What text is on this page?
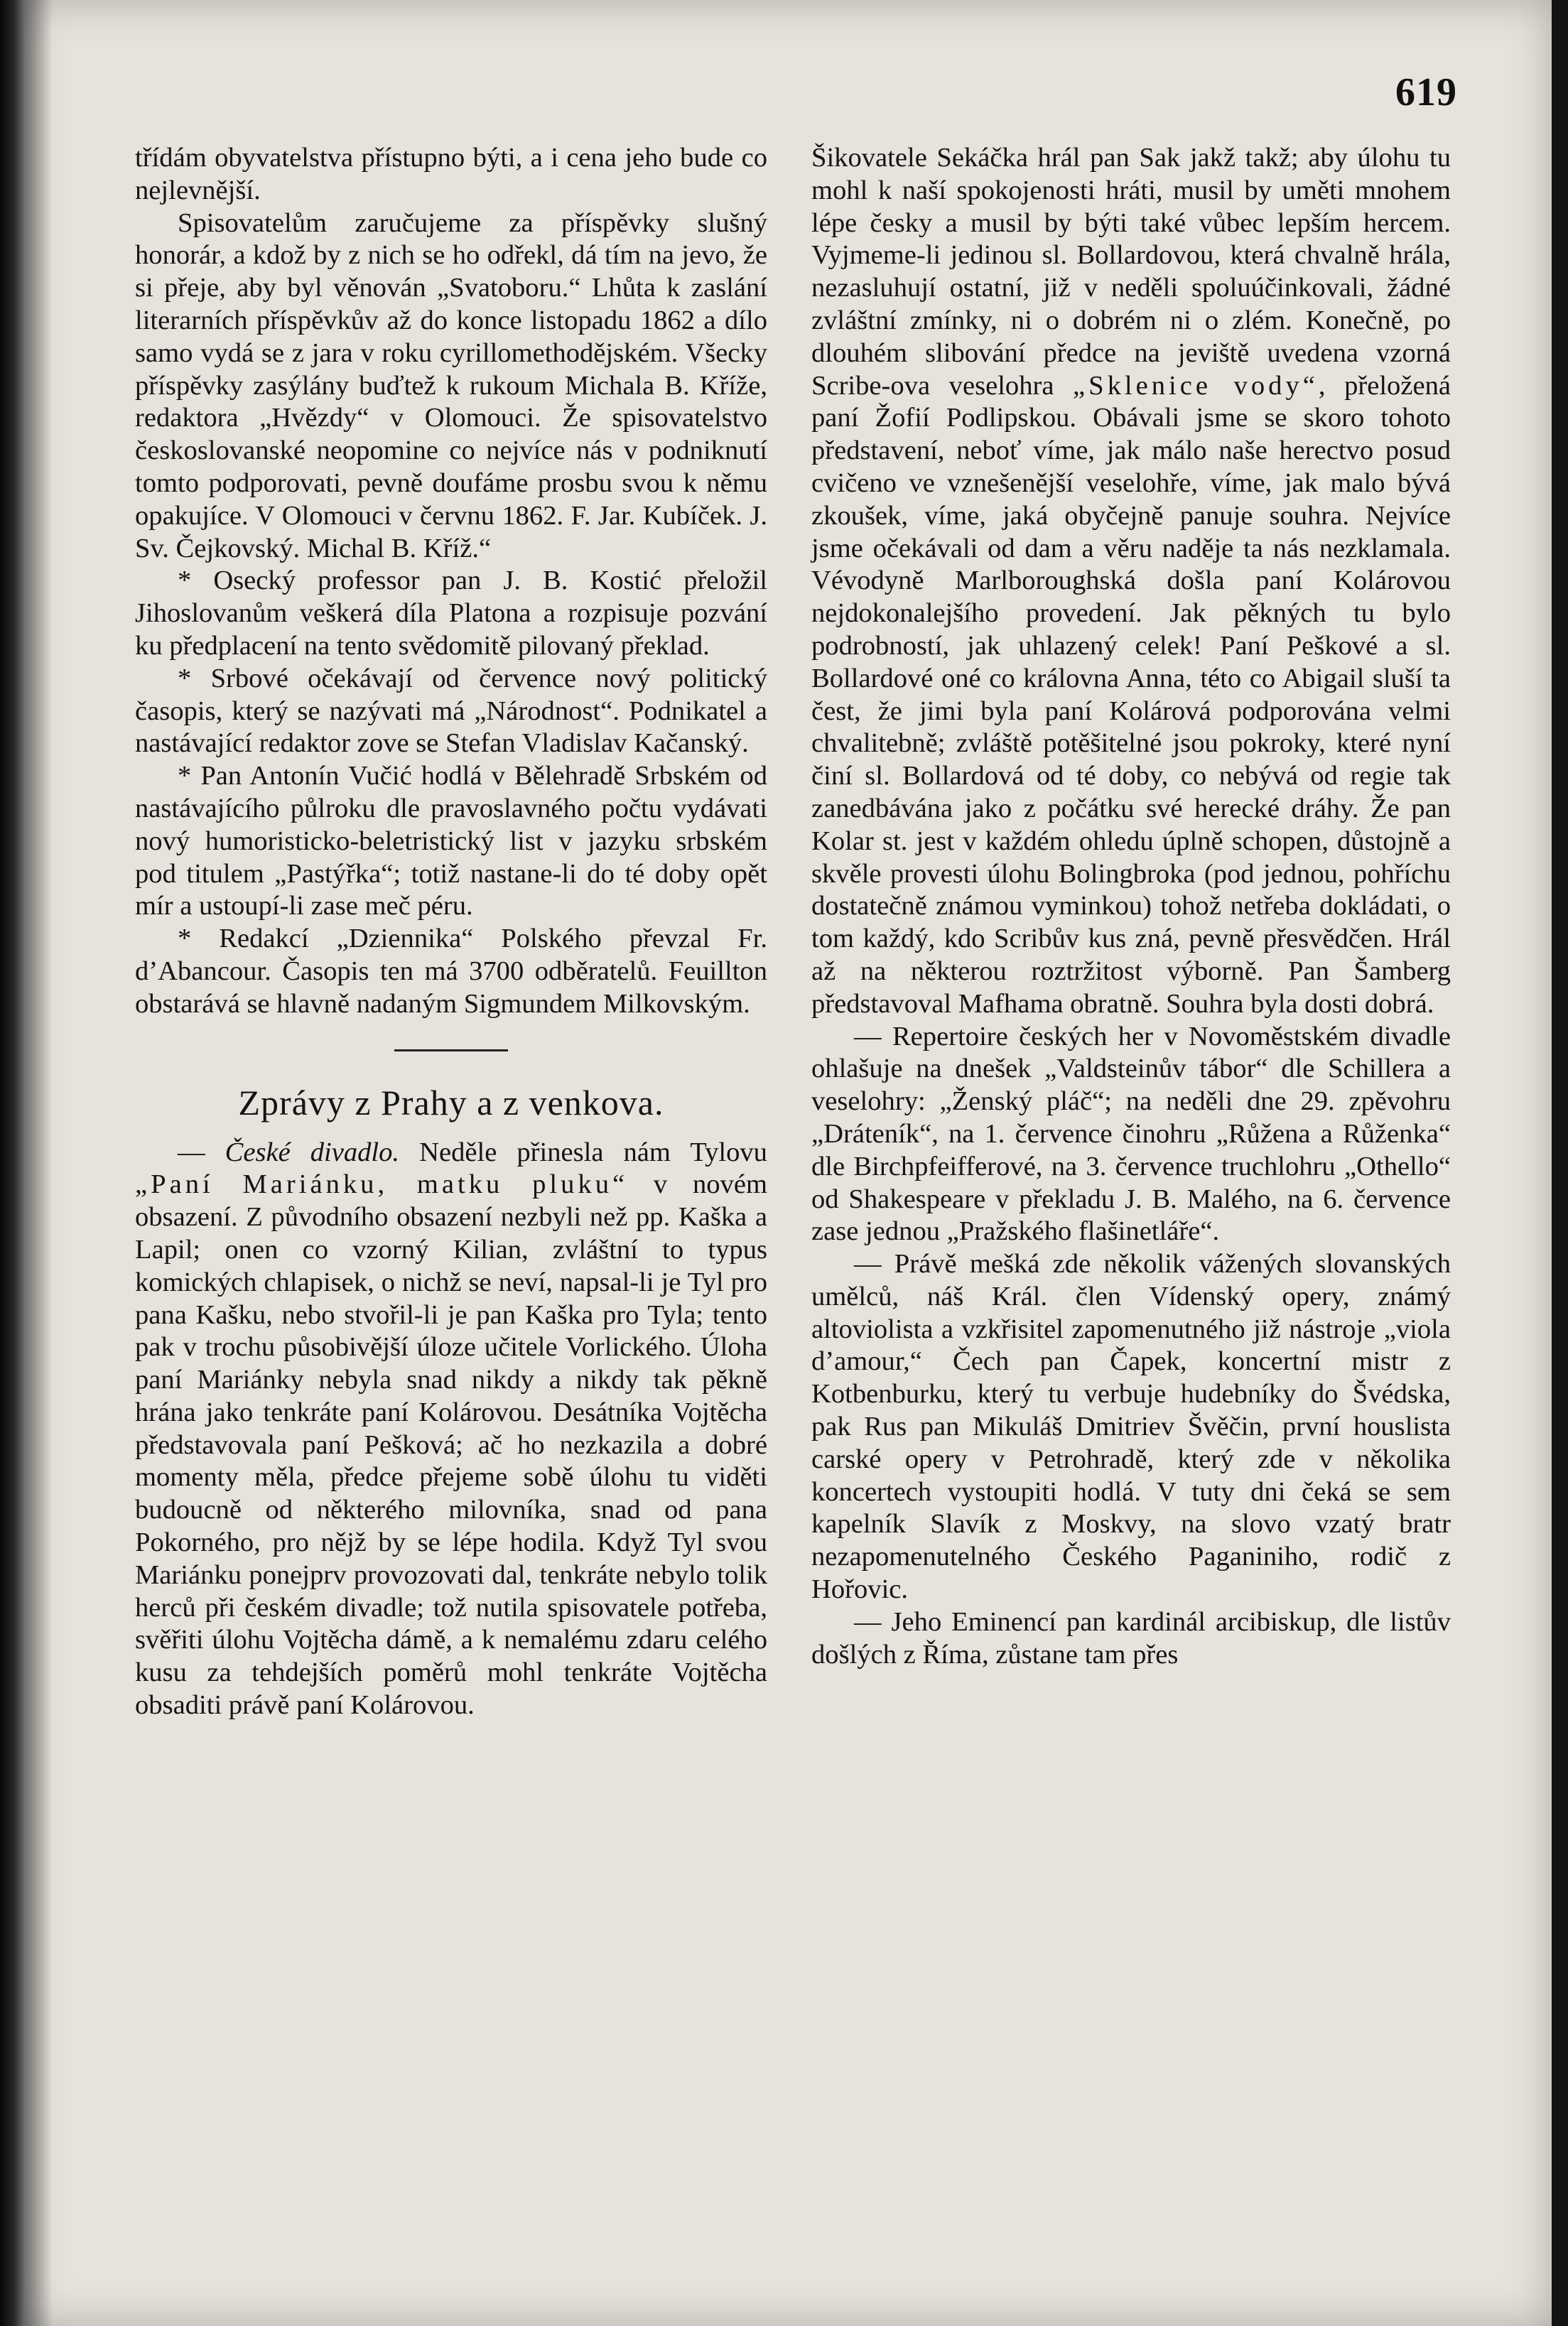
619

třídám obyvatelstva přístupno býti, a i cena jeho bude co nejlevnější.

Spisovatelům zaručujeme za příspěvky slušný honorár, a kdož by z nich se ho odřekl, dá tím na jevo, že si přeje, aby byl věnován „Svatoboru.“ Lhůta k zaslání literarních příspěvkův až do konce listopadu 1862 a dílo samo vydá se z jara v roku cyrillomethodějském. Všecky příspěvky zasýlány buďtež k rukoum Michala B. Kříže, redaktora „Hvězdy“ v Olomouci. Že spisovatelstvo českoslovanské neopomine co nejvíce nás v podniknutí tomto podporovati, pevně doufáme prosbu svou k němu opakujíce. V Olomouci v červnu 1862. F. Jar. Kubíček. J. Sv. Čejkovský. Michal B. Kříž.“

* Osecký professor pan J. B. Kostić přeložil Jihoslovanům veškerá díla Platona a rozpisuje pozvání ku předplacení na tento svědomitě pilovaný překlad.

* Srbové očekávají od července nový politický časopis, který se nazývati má „Národnost“. Podnikatel a nastávající redaktor zove se Stefan Vladislav Kačanský.

* Pan Antonín Vučić hodlá v Bělehradě Srbském od nastávajícího půlroku dle pravoslavného počtu vydávati nový humoristicko-beletristický list v jazyku srbském pod titulem „Pastýřka“; totiž nastane-li do té doby opět mír a ustoupí-li zase meč péru.

* Redakcí „Dziennika“ Polského převzal Fr. d’Abancour. Časopis ten má 3700 odběratelů. Feuillton obstarává se hlavně nadaným Sigmundem Milkovským.

Zprávy z Prahy a z venkova.

— České divadlo. Neděle přinesla nám Tylovu „Paní Mariánku, matku pluku“ v novém obsazení. Z původního obsazení nezbyli než pp. Kaška a Lapil; onen co vzorný Kilian, zvláštní to typus komických chlapisek, o nichž se neví, napsal-li je Tyl pro pana Kašku, nebo stvořil-li je pan Kaška pro Tyla; tento pak v trochu působivější úloze učitele Vorlického. Úloha paní Mariánky nebyla snad nikdy a nikdy tak pěkně hrána jako tenkráte paní Kolárovou. Desátníka Vojtěcha představovala paní Pešková; ač ho nezkazila a dobré momenty měla, předce přejeme sobě úlohu tu viděti budoucně od některého milovníka, snad od pana Pokorného, pro nějž by se lépe hodila. Když Tyl svou Mariánku ponejprv provozovati dal, tenkráte nebylo tolik herců při českém divadle; tož nutila spisovatele potřeba, svěřiti úlohu Vojtěcha dámě, a k nemalému zdaru celého kusu za tehdejších poměrů mohl tenkráte Vojtěcha obsaditi právě paní Kolárovou.

Šikovatele Sekáčka hrál pan Sak jakž takž; aby úlohu tu mohl k naší spokojenosti hráti, musil by uměti mnohem lépe česky a musil by býti také vůbec lepším hercem. Vyjmeme-li jedinou sl. Bollardovou, která chvalně hrála, nezasluhují ostatní, již v neděli spoluúčinkovali, žádné zvláštní zmínky, ni o dobrém ni o zlém. Konečně, po dlouhém slibování předce na jeviště uvedena vzorná Scribe-ova veselohra „Sklenice vody“, přeložená paní Žofií Podlipskou. Obávali jsme se skoro tohoto představení, neboť víme, jak málo naše herectvo posud cvičeno ve vznešenější veselohře, víme, jak malo bývá zkoušek, víme, jaká obyčejně panuje souhra. Nejvíce jsme očekávali od dam a věru naděje ta nás nezklamala. Vévodyně Marlboroughská došla paní Kolárovou nejdokonalejšího provedení. Jak pěkných tu bylo podrobností, jak uhlazený celek! Paní Peškové a sl. Bollardové oné co královna Anna, této co Abigail sluší ta čest, že jimi byla paní Kolárová podporována velmi chvalitebně; zvláště potěšitelné jsou pokroky, které nyní činí sl. Bollardová od té doby, co nebývá od regie tak zanedbávána jako z počátku své herecké dráhy. Že pan Kolar st. jest v každém ohledu úplně schopen, důstojně a skvěle provesti úlohu Bolingbroka (pod jednou, pohříchu dostatečně známou vyminkou) tohož netřeba dokládati, o tom každý, kdo Scribův kus zná, pevně přesvědčen. Hrál až na některou roztržitost výborně. Pan Šamberg představoval Mafhama obratně. Souhra byla dosti dobrá.

— Repertoire českých her v Novoměstském divadle ohlašuje na dnešek „Valdsteinův tábor“ dle Schillera a veselohry: „Ženský pláč“; na neděli dne 29. zpěvohru „Dráteník“, na 1. července činohru „Růžena a Růženka“ dle Birchpfeifferové, na 3. července truchlohru „Othello“ od Shakespeare v překladu J. B. Malého, na 6. července zase jednou „Pražského flašinetláře“.

— Právě mešká zde několik vážených slovanských umělců, náš Král. člen Vídenský opery, známý altoviolista a vzkřisitel zapomenutného již nástroje „viola d’amour,“ Čech pan Čapek, koncertní mistr z Kotbenburku, který tu verbuje hudebníky do Švédska, pak Rus pan Mikuláš Dmitriev Švěčin, první houslista carské opery v Petrohradě, který zde v několika koncertech vystoupiti hodlá. V tuty dni čeká se sem kapelník Slavík z Moskvy, na slovo vzatý bratr nezapomenutelného Českého Paganiniho, rodič z Hořovic.

— Jeho Eminencí pan kardinál arcibiskup, dle listův došlých z Říma, zůstane tam přes
